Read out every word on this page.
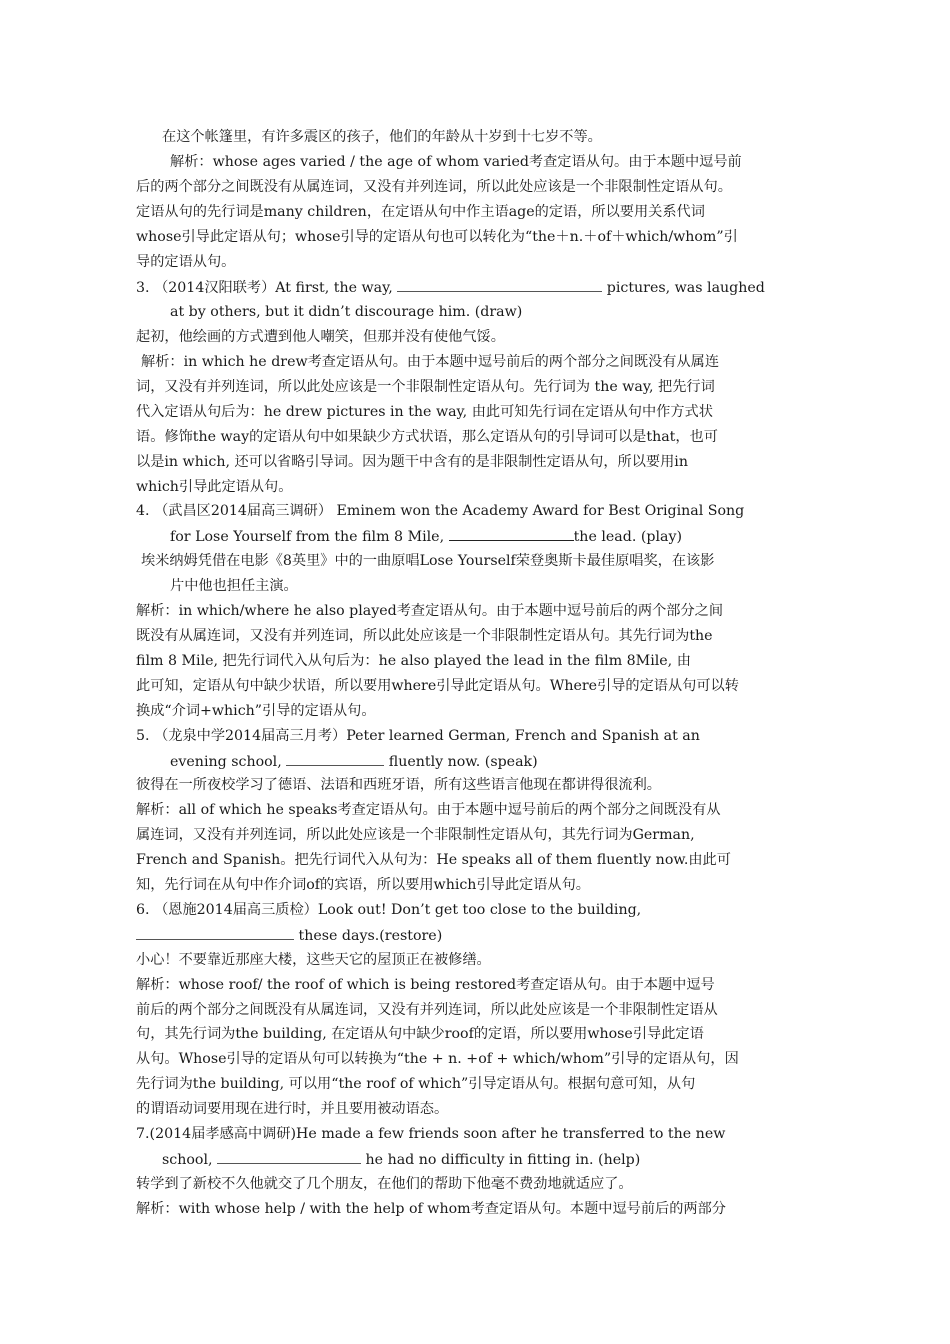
在这个帐篷里，有许多震区的孩子，他们的年龄从十岁到十七岁不等。
解析：whose ages varied / the age of whom varied考查定语从句。由于本题中逗号前
后的两个部分之间既没有从属连词，又没有并列连词，所以此处应该是一个非限制性定语从句。
定语从句的先行词是many children，在定语从句中作主语age的定语，所以要用关系代词
whose引导此定语从句；whose引导的定语从句也可以转化为“the＋n.＋of＋which/whom”引
导的定语从句。
3. （2014汉阳联考）At first, the way,	pictures, was laughed
at by others, but it didn’t discourage him. (draw)
起初，他绘画的方式遭到他人嘲笑，但那并没有使他气馁。
解析：in which he drew考查定语从句。由于本题中逗号前后的两个部分之间既没有从属连
词，又没有并列连词，所以此处应该是一个非限制性定语从句。先行词为 the way, 把先行词
代入定语从句后为：he drew pictures in the way, 由此可知先行词在定语从句中作方式状
语。修饰the way的定语从句中如果缺少方式状语，那么定语从句的引导词可以是that，也可
以是in which, 还可以省略引导词。因为题干中含有的是非限制性定语从句，所以要用in
which引导此定语从句。
4. （武昌区2014届高三调研） Eminem won the Academy Award for Best Original Song
for Lose Yourself from the film 8 Mile,	the lead. (play)
埃米纳姆凭借在电影《8英里》中的一曲原唱Lose Yourself荣登奥斯卡最佳原唱奖，在该影
片中他也担任主演。
解析：in which/where he also played考查定语从句。由于本题中逗号前后的两个部分之间
既没有从属连词，又没有并列连词，所以此处应该是一个非限制性定语从句。其先行词为the
film 8 Mile, 把先行词代入从句后为：he also played the lead in the film 8Mile, 由
此可知，定语从句中缺少状语，所以要用where引导此定语从句。Where引导的定语从句可以转
换成“介词+which”引导的定语从句。
5. （龙泉中学2014届高三月考）Peter learned German, French and Spanish at an
evening school,	fluently now. (speak)
彼得在一所夜校学习了德语、法语和西班牙语，所有这些语言他现在都讲得很流利。
解析：all of which he speaks考查定语从句。由于本题中逗号前后的两个部分之间既没有从
属连词，又没有并列连词，所以此处应该是一个非限制性定语从句，其先行词为German,
French and Spanish。把先行词代入从句为：He speaks all of them fluently now.由此可
知，先行词在从句中作介词of的宾语，所以要用which引导此定语从句。
6. （恩施2014届高三质检）Look out! Don’t get too close to the building,
these days.(restore)
小心！不要靠近那座大楼，这些天它的屋顶正在被修缮。
解析：whose roof/ the roof of which is being restored考查定语从句。由于本题中逗号
前后的两个部分之间既没有从属连词，又没有并列连词，所以此处应该是一个非限制性定语从
句，其先行词为the building, 在定语从句中缺少roof的定语，所以要用whose引导此定语
从句。Whose引导的定语从句可以转换为“the + n. +of + which/whom”引导的定语从句，因
先行词为the building, 可以用“the roof of which”引导定语从句。根据句意可知，从句
的谓语动词要用现在进行时，并且要用被动语态。
7.(2014届孝感高中调研)He made a few friends soon after he transferred to the new
school,	he had no difficulty in fitting in. (help)
转学到了新校不久他就交了几个朋友，在他们的帮助下他毫不费劲地就适应了。
解析：with whose help / with the help of whom考查定语从句。本题中逗号前后的两部分
